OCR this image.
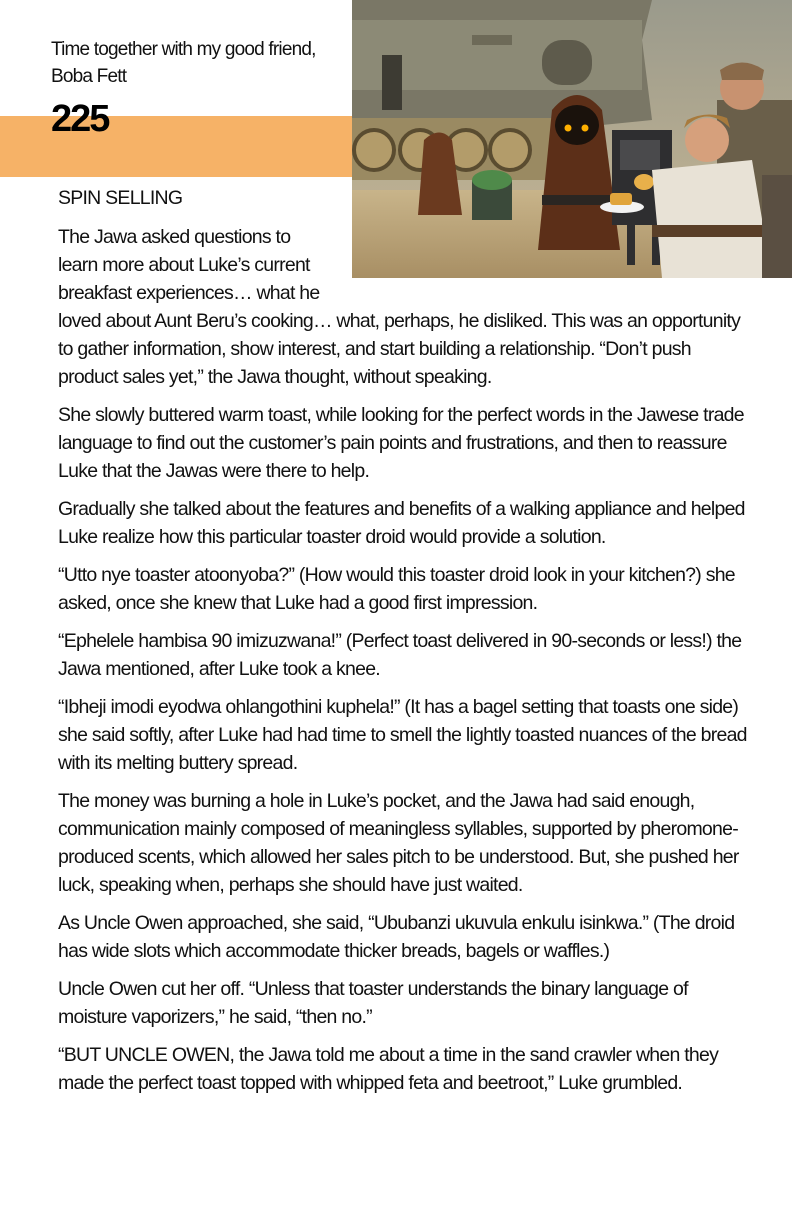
Time together with my good friend,
Boba Fett
225
SPIN SELLING
The Jawa asked questions to
learn more about Luke’s current
breakfast experiences… what he
loved about Aunt Beru’s cooking… what, perhaps, he disliked. This was an opportunity to gather information, show interest, and start building a relationship. “Don’t push product sales yet,” the Jawa thought, without speaking.
She slowly buttered warm toast, while looking for the perfect words in the Jawese trade language to find out the customer’s pain points and frustrations, and then to reassure Luke that the Jawas were there to help.
Gradually she talked about the features and benefits of a walking appliance and helped Luke realize how this particular toaster droid would provide a solution.
“Utto nye toaster atoonyoba?” (How would this toaster droid look in your kitchen?) she asked, once she knew that Luke had a good first impression.
“Ephelele hambisa 90 imizuzwana!” (Perfect toast delivered in 90-seconds or less!) the Jawa mentioned, after Luke took a knee.
“Ibheji imodi eyodwa ohlangothini kuphela!” (It has a bagel setting that toasts one side) she said softly, after Luke had had time to smell the lightly toasted nuances of the bread with its melting buttery spread.
The money was burning a hole in Luke’s pocket, and the Jawa had said enough, communication mainly composed of meaningless syllables, supported by pheromone-produced scents, which allowed her sales pitch to be understood. But, she pushed her luck, speaking when, perhaps she should have just waited.
As Uncle Owen approached, she said, “Ububanzi ukuvula enkulu isinkwa.” (The droid has wide slots which accommodate thicker breads, bagels or waffles.)
Uncle Owen cut her off. “Unless that toaster understands the binary language of moisture vaporizers,” he said, “then no.”
“BUT UNCLE OWEN, the Jawa told me about a time in the sand crawler when they made the perfect toast topped with whipped feta and beetroot,” Luke grumbled.
